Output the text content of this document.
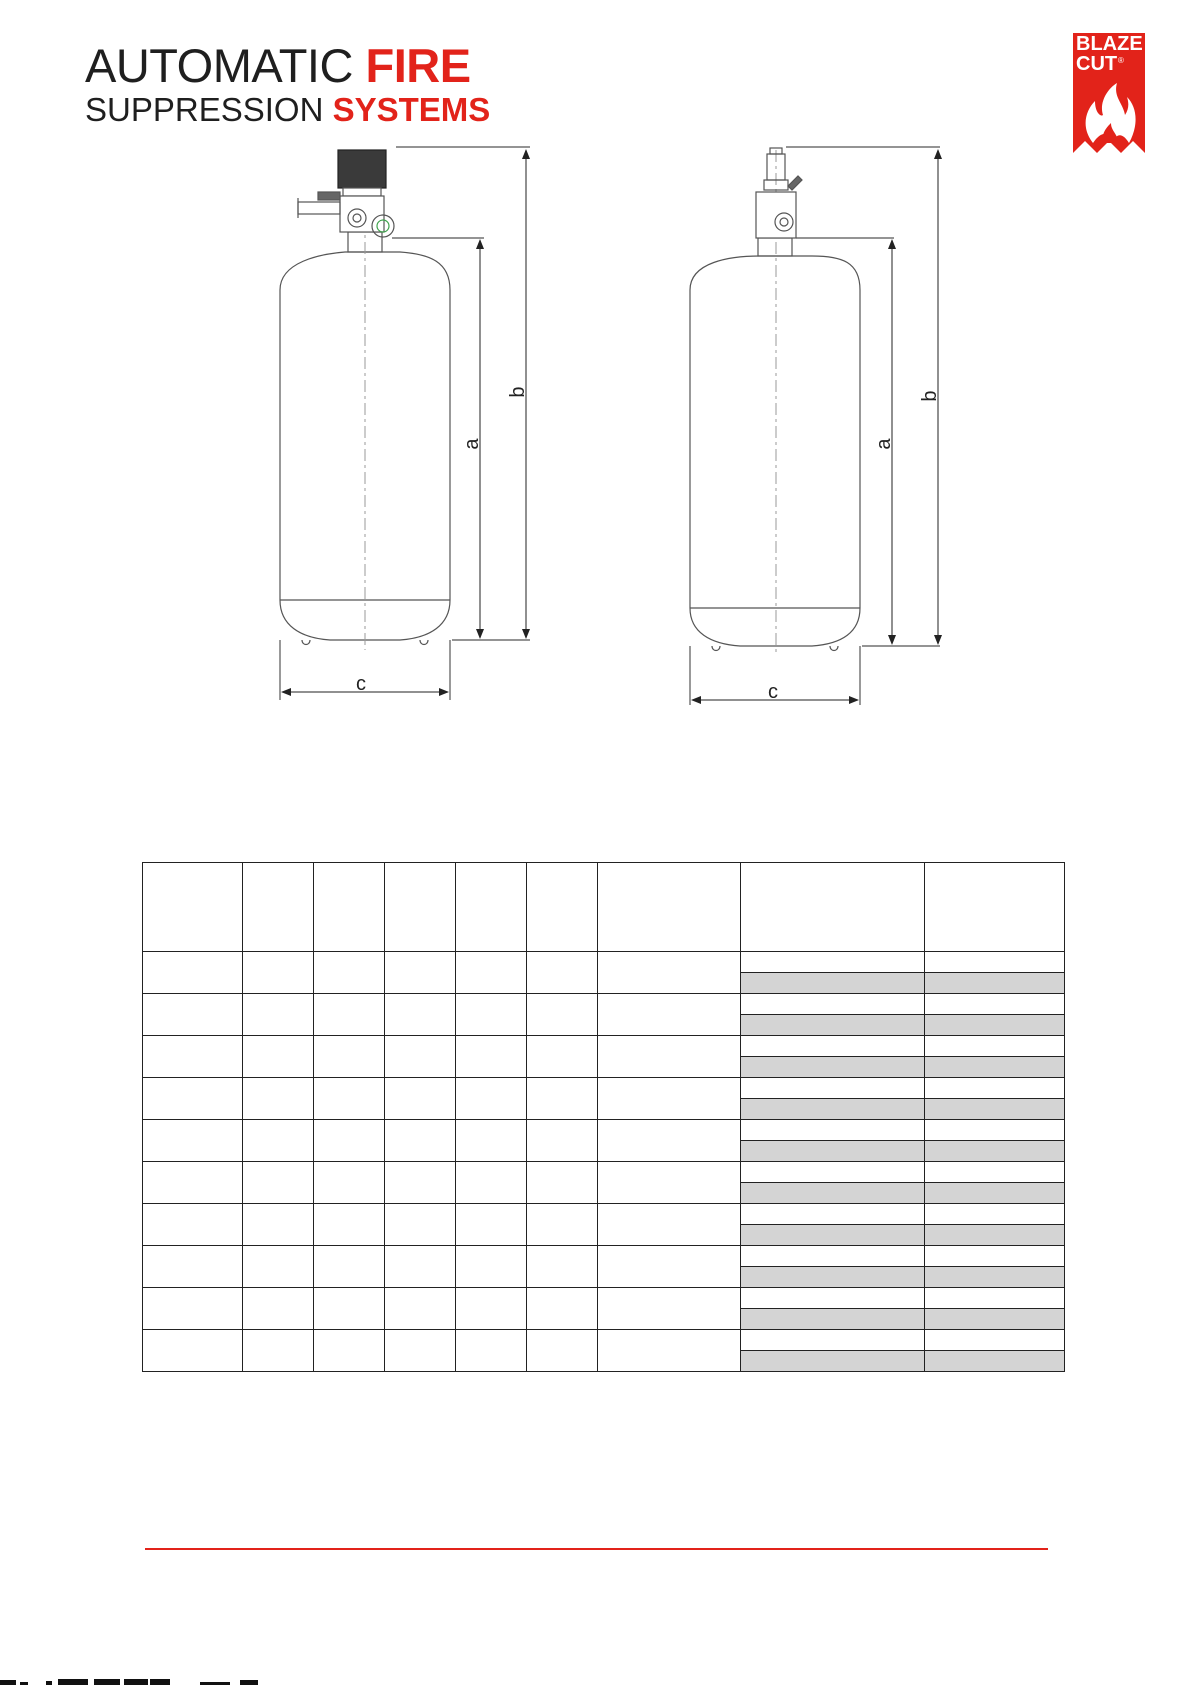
AUTOMATIC FIRE
SUPPRESSION SYSTEMS
BLAZE
CUT ®
a
b
c
a
b
c
